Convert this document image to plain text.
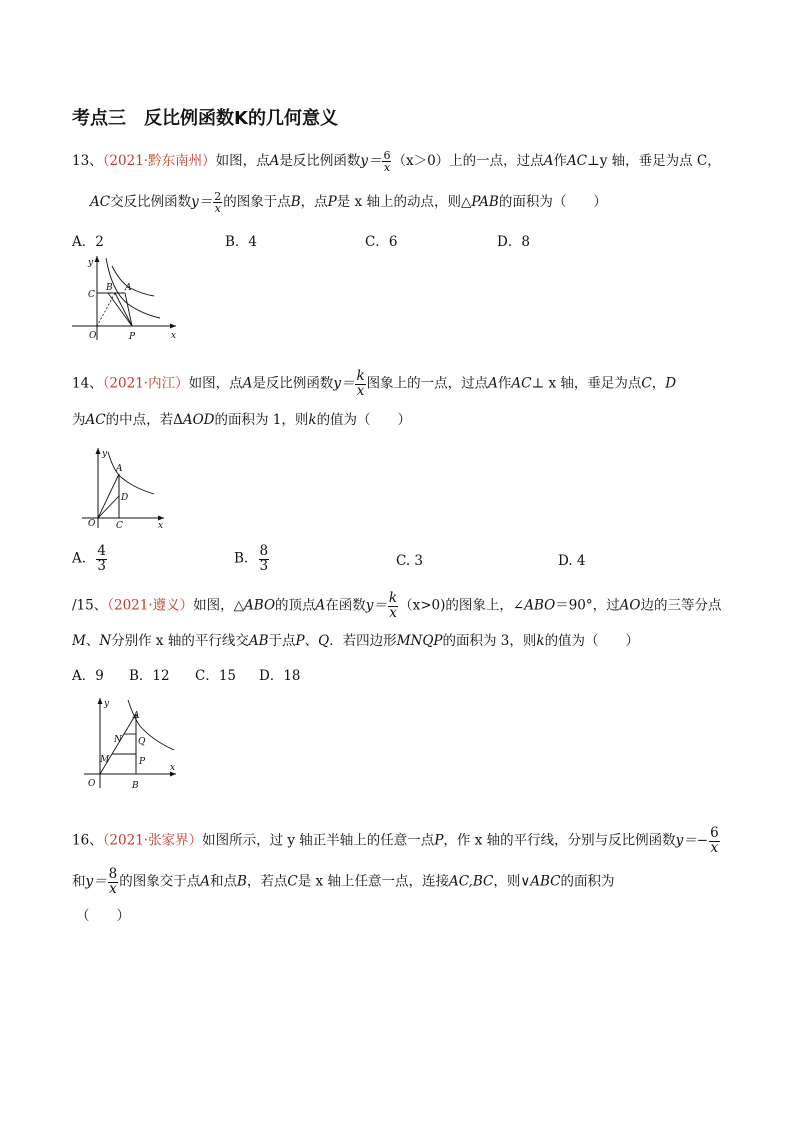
考点三　反比例函数K的几何意义
13、（2021·黔东南州）如图，点A是反比例函数$y= \frac{6}{x} (x>0)$上的一点，过点A作AC⊥y 轴，垂足为点 C，
AC交反比例函数$y= \frac{2}{x}$ 的图象于点B，点P是 x 轴上的动点，则△PAB的面积为（　　）
A．2	B．4	C．6	D．8
y
x
C
B A
O	P
14、（2021·内江）如图，点A是反比例函数$y= \frac{k}{x}$ 图象上的一点，过点A作AC⊥ x 轴，垂足为点C，D
为AC的中点，若ΔAOD的面积为 1，则k的值为（　　）
y
x
A
D
O C
A. $\frac{4}{3}$	B. $\frac{8}{3}$	C. 3	D. 4
/15、（2021·遵义）如图，△ABO的顶点A在函数$y= \frac{k}{x} (x>0)$的图象上，∠ABO＝90°，过AO边的三等分点
M、N分别作 x 轴的平行线交AB于点P、Q．若四边形MNQP的面积为 3，则k的值为（　　）
A．9 B．12 C．15 D．18
y
x
A
N Q
M	P
O	B
16、（2021·张家界）如图所示，过 y 轴正半轴上的任意一点P，作 x 轴的平行线，分别与反比例函数$y=- \frac{6}{x}$
和$y= \frac{8}{x}$ 的图象交于点A和点B，若点C是 x 轴上任意一点，连接AC,BC，则∨ABC的面积为
（　　）
